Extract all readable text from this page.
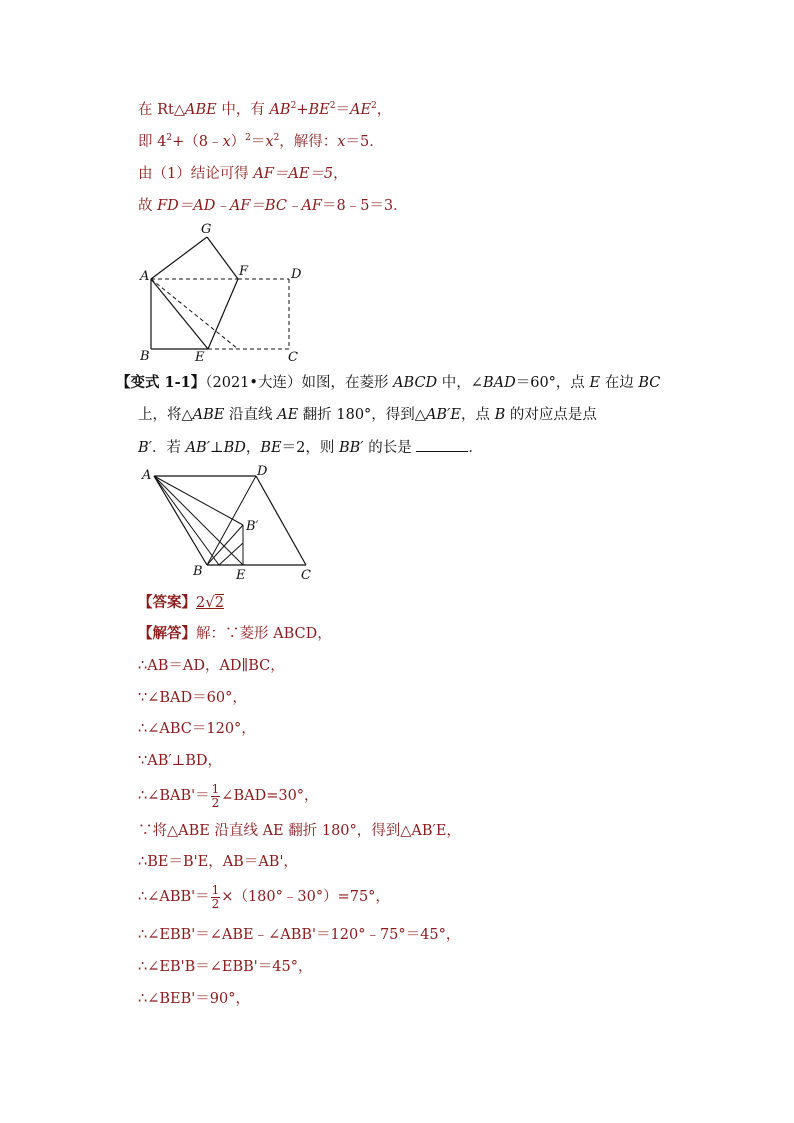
在 Rt△ABE 中，有 $AB^2+BE^2=AE^2$，
即 $4^2+(8﹣x)^2=x^2$，解得：x＝5．
由（1）结论可得 AF＝AE＝5，
故 FD＝AD﹣AF＝BC﹣AF＝8﹣5＝3．
G
A	F	D
B	E	C
【变式 1-1】（2021•大连）如图，在菱形 ABCD 中，∠BAD＝60°，点 E 在边 BC
上，将△ABE 沿直线 AE 翻折 180°，得到△AB′E，点 B 的对应点是点
B′．若 AB′⊥BD，BE＝2，则 BB′ 的长是	．
A	D
B′
B	E	C
【答案】2√2
【解答】解：∵菱形 ABCD，
∴AB＝AD，AD∥BC，
∵∠BAD＝60°，
∴∠ABC＝120°，
∵AB′⊥BD，
∴∠BAB'＝ $\frac{1}{2}$ ∠BAD=30°，
∵将△ABE 沿直线 AE 翻折 180°，得到△AB′E，
∴BE＝B'E，AB＝AB'，
∴∠ABB'＝ $\frac{1}{2}$ ×（180°﹣30°）=75°，
∴∠EBB'＝∠ABE﹣∠ABB'＝120°﹣75°＝45°，
∴∠EB'B＝∠EBB'＝45°，
∴∠BEB'＝90°，
